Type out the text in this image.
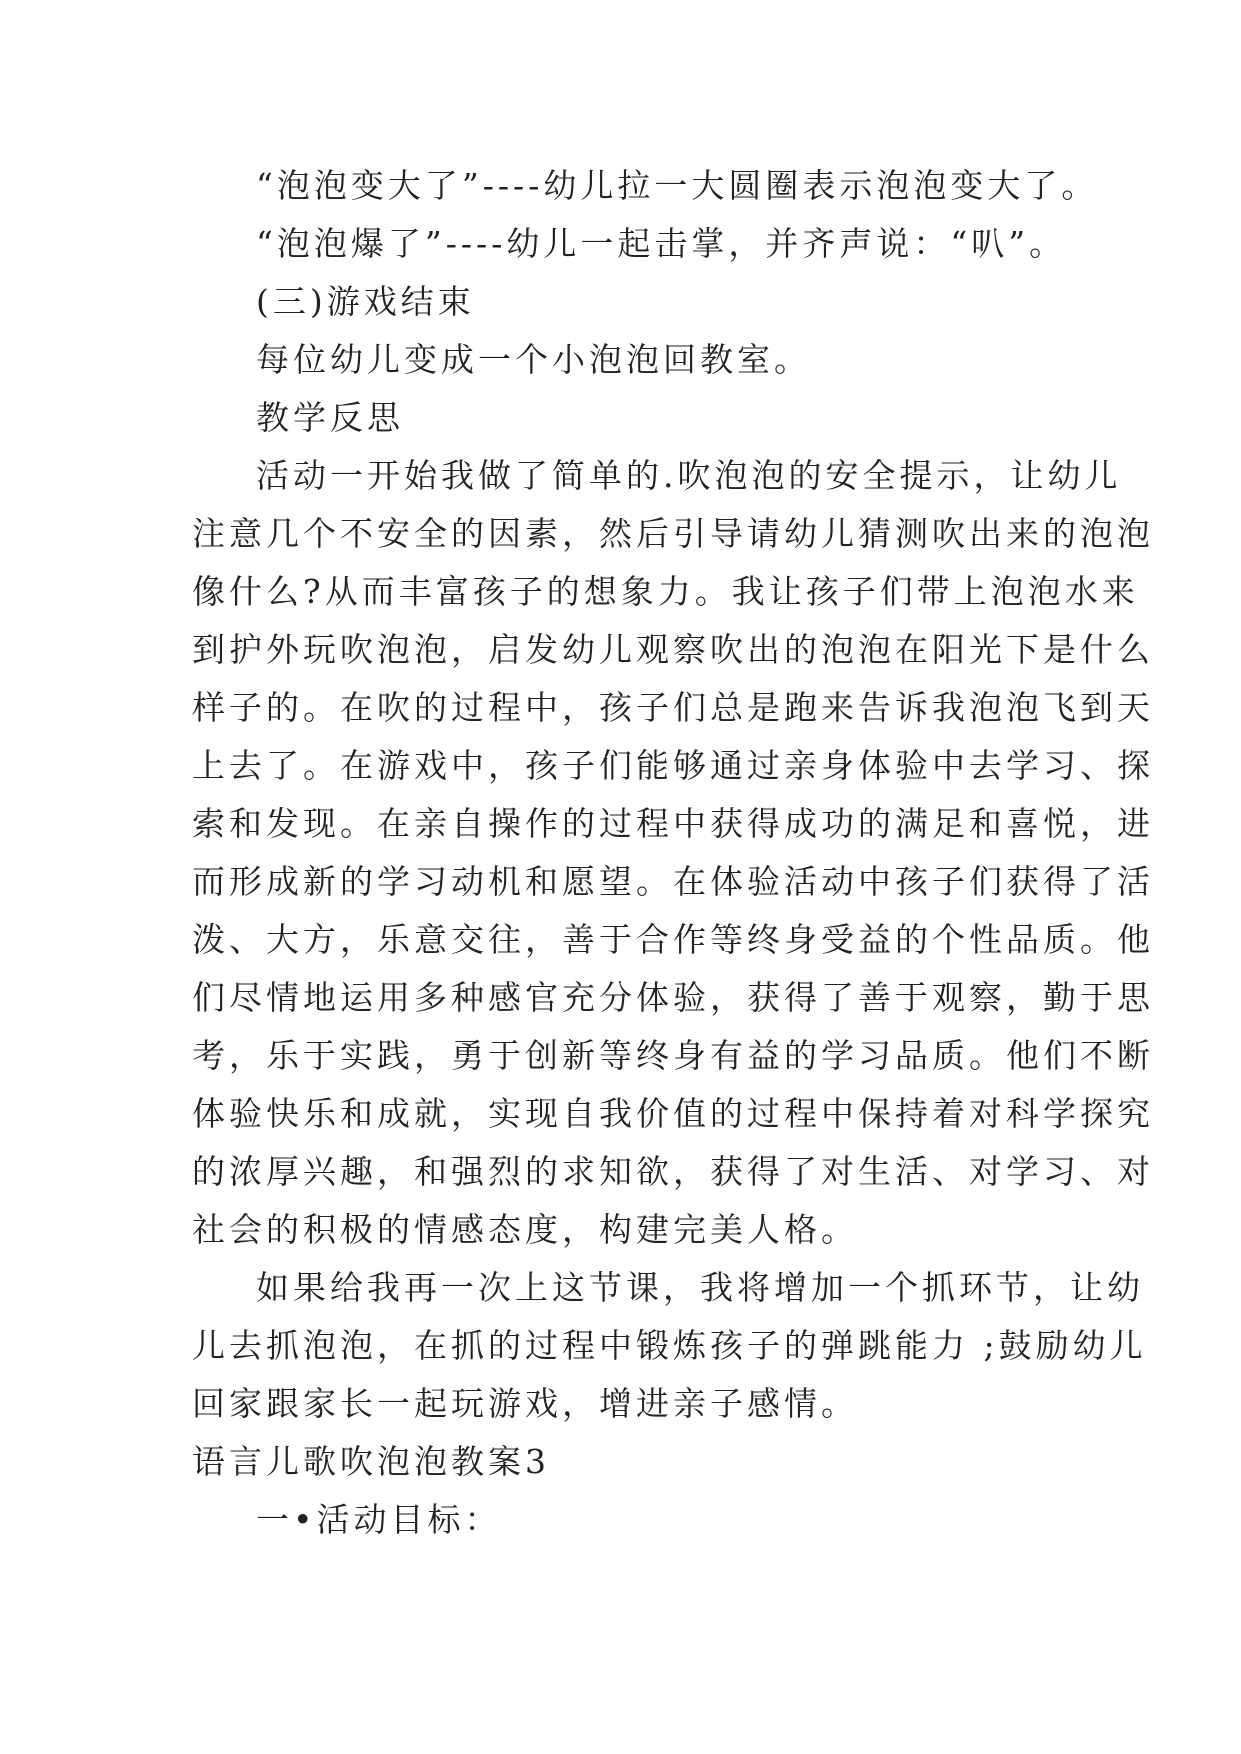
“泡泡变大了”----幼儿拉一大圆圈表示泡泡变大了。
“泡泡爆了”----幼儿一起击掌，并齐声说：“叭”。
(三)游戏结束
每位幼儿变成一个小泡泡回教室。
教学反思
活动一开始我做了简单的.吹泡泡的安全提示，让幼儿
注意几个不安全的因素，然后引导请幼儿猜测吹出来的泡泡
像什么?从而丰富孩子的想象力。我让孩子们带上泡泡水来
到护外玩吹泡泡，启发幼儿观察吹出的泡泡在阳光下是什么
样子的。在吹的过程中，孩子们总是跑来告诉我泡泡飞到天
上去了。在游戏中，孩子们能够通过亲身体验中去学习、探
索和发现。在亲自操作的过程中获得成功的满足和喜悦，进
而形成新的学习动机和愿望。在体验活动中孩子们获得了活
泼、大方，乐意交往，善于合作等终身受益的个性品质。他
们尽情地运用多种感官充分体验，获得了善于观察，勤于思
考，乐于实践，勇于创新等终身有益的学习品质。他们不断
体验快乐和成就，实现自我价值的过程中保持着对科学探究
的浓厚兴趣，和强烈的求知欲，获得了对生活、对学习、对
社会的积极的情感态度，构建完美人格。
如果给我再一次上这节课，我将增加一个抓环节，让幼
儿去抓泡泡，在抓的过程中锻炼孩子的弹跳能力 ;鼓励幼儿
回家跟家长一起玩游戏，增进亲子感情。
语言儿歌吹泡泡教案3
一•活动目标：
